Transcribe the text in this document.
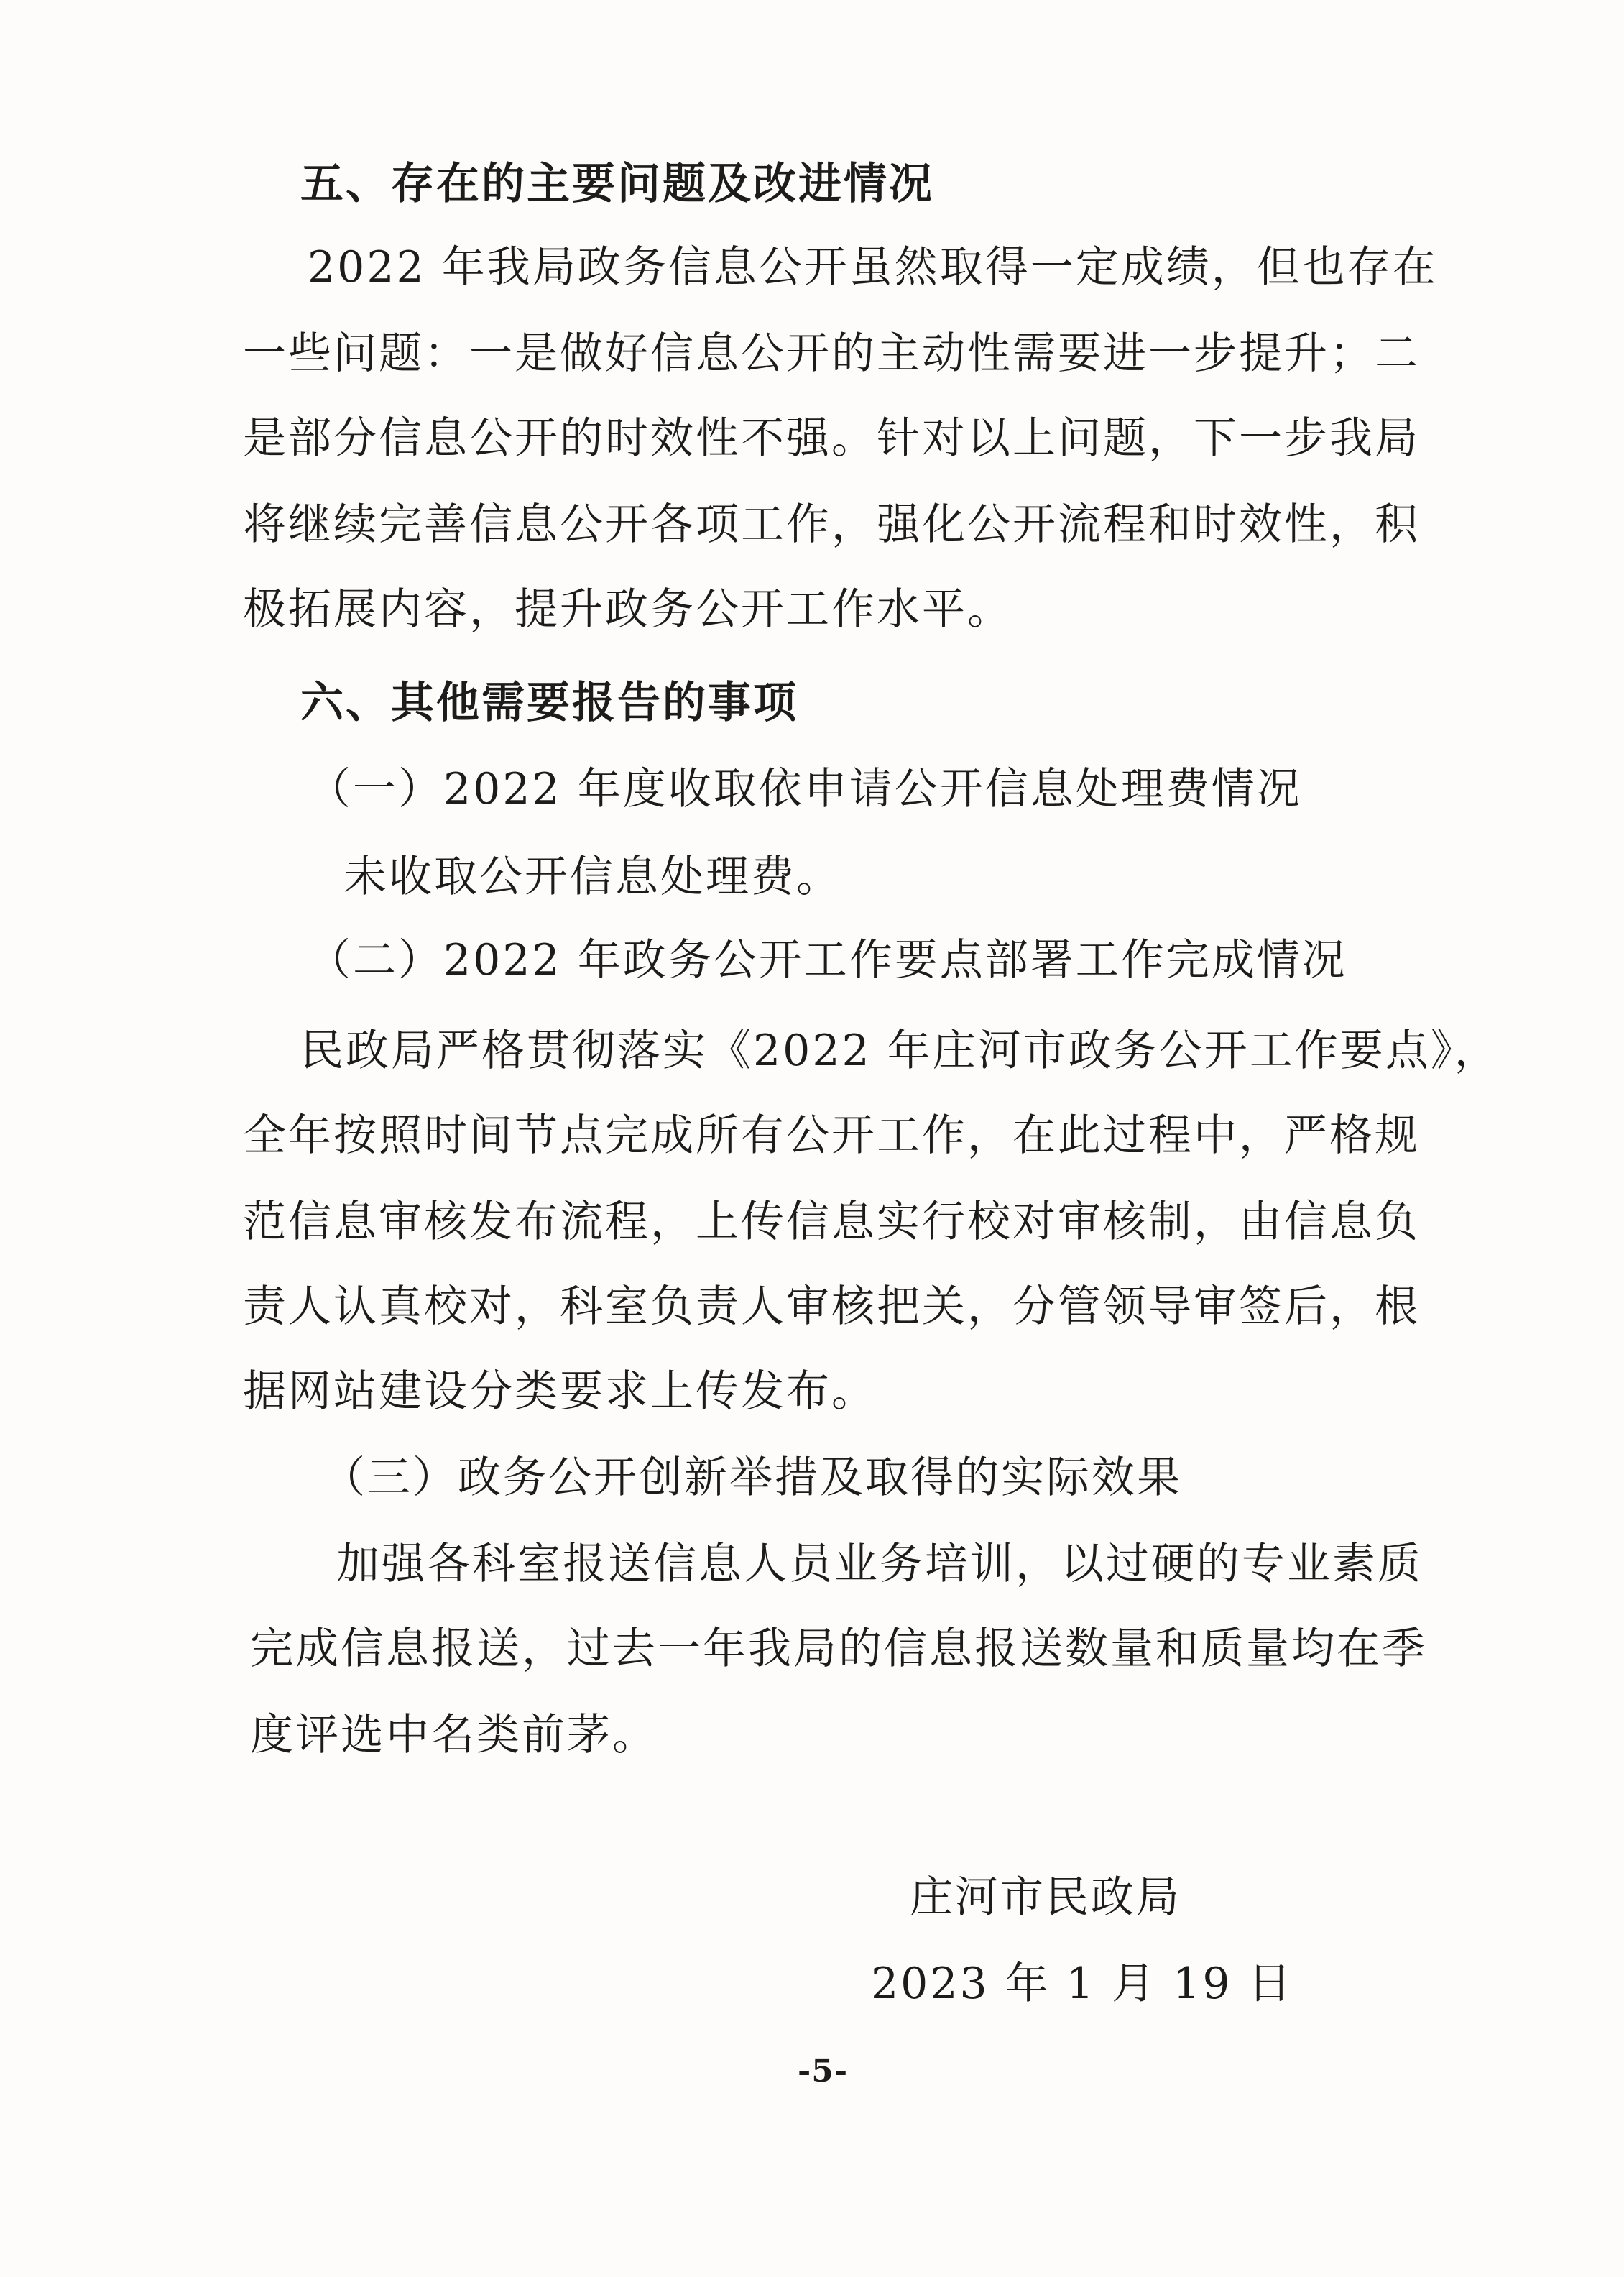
五、存在的主要问题及改进情况
2022 年我局政务信息公开虽然取得一定成绩，但也存在
一些问题：一是做好信息公开的主动性需要进一步提升；二
是部分信息公开的时效性不强。针对以上问题，下一步我局
将继续完善信息公开各项工作，强化公开流程和时效性，积
极拓展内容，提升政务公开工作水平。
六、其他需要报告的事项
（一）2022 年度收取依申请公开信息处理费情况
未收取公开信息处理费。
（二）2022 年政务公开工作要点部署工作完成情况
民政局严格贯彻落实《2022 年庄河市政务公开工作要点》，
全年按照时间节点完成所有公开工作，在此过程中，严格规
范信息审核发布流程，上传信息实行校对审核制，由信息负
责人认真校对，科室负责人审核把关，分管领导审签后，根
据网站建设分类要求上传发布。
（三）政务公开创新举措及取得的实际效果
加强各科室报送信息人员业务培训，以过硬的专业素质
完成信息报送，过去一年我局的信息报送数量和质量均在季
度评选中名类前茅。
庄河市民政局
2023 年 1 月 19 日
-5-
